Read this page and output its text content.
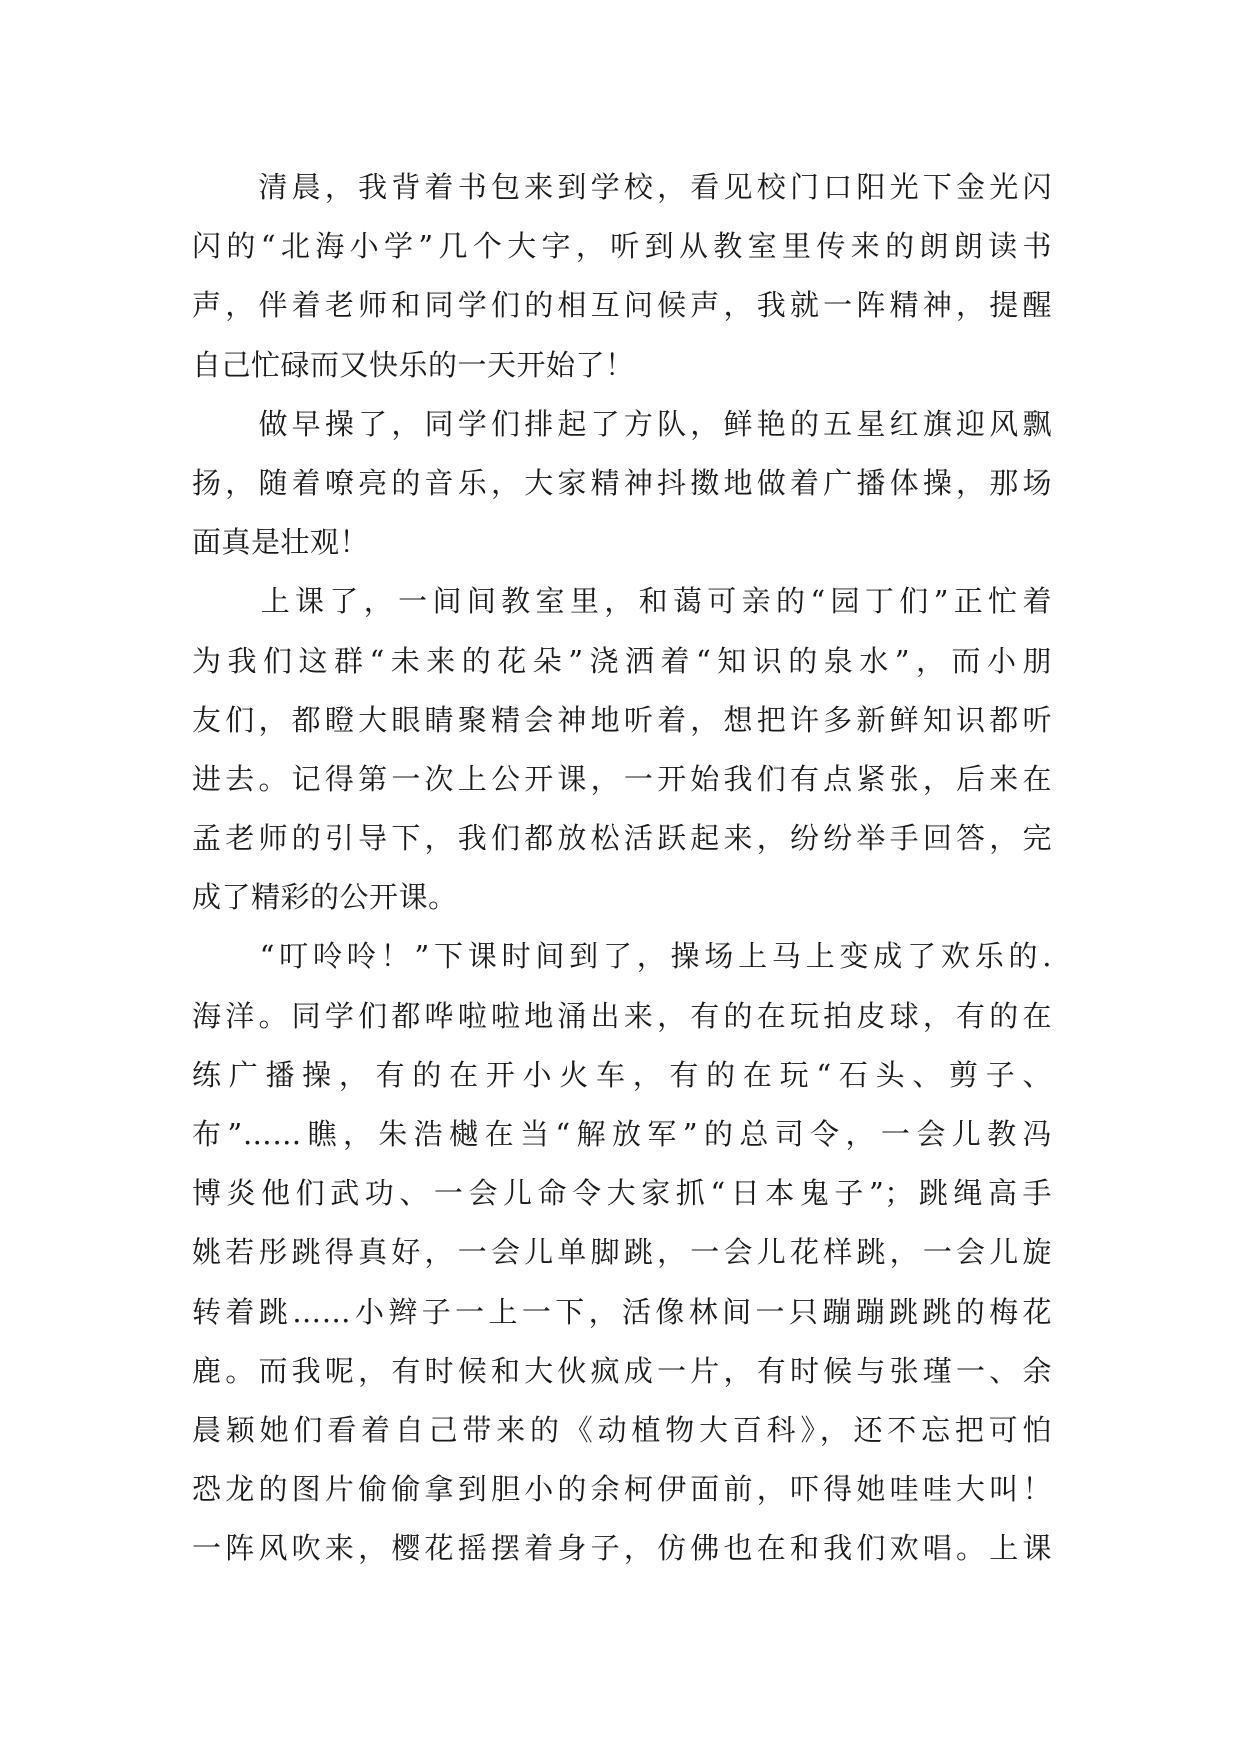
　　清晨，我背着书包来到学校，看见校门口阳光下金光闪
闪的“北海小学”几个大字，听到从教室里传来的朗朗读书
声，伴着老师和同学们的相互问候声，我就一阵精神，提醒
自己忙碌而又快乐的一天开始了！
　　做早操了，同学们排起了方队，鲜艳的五星红旗迎风飘
扬，随着嘹亮的音乐，大家精神抖擞地做着广播体操，那场
面真是壮观！
　　上课了，一间间教室里，和蔼可亲的“园丁们”正忙着
为我们这群“未来的花朵”浇洒着“知识的泉水”，而小朋
友们，都瞪大眼睛聚精会神地听着，想把许多新鲜知识都听
进去。记得第一次上公开课，一开始我们有点紧张，后来在
孟老师的引导下，我们都放松活跃起来，纷纷举手回答，完
成了精彩的公开课。
　　“叮呤呤！”下课时间到了，操场上马上变成了欢乐的.
海洋。同学们都哗啦啦地涌出来，有的在玩拍皮球，有的在
练广播操，有的在开小火车，有的在玩“石头、剪子、
布”……瞧，朱浩樾在当“解放军”的总司令，一会儿教冯
博炎他们武功、一会儿命令大家抓“日本鬼子”；跳绳高手
姚若彤跳得真好，一会儿单脚跳，一会儿花样跳，一会儿旋
转着跳……小辫子一上一下，活像林间一只蹦蹦跳跳的梅花
鹿。而我呢，有时候和大伙疯成一片，有时候与张瑾一、余
晨颖她们看着自己带来的《动植物大百科》，还不忘把可怕
恐龙的图片偷偷拿到胆小的余柯伊面前，吓得她哇哇大叫！
一阵风吹来，樱花摇摆着身子，仿佛也在和我们欢唱。上课
